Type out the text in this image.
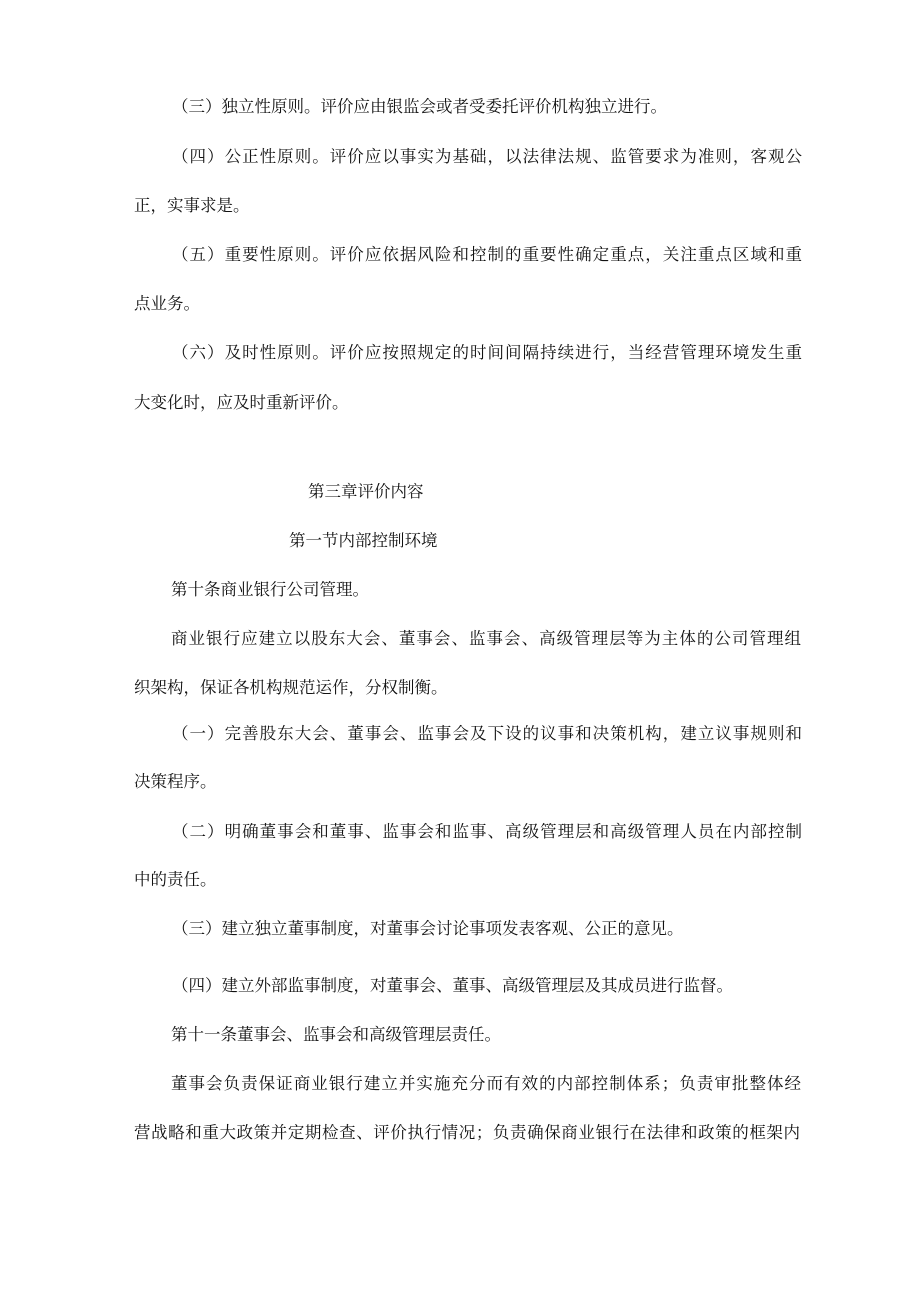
（三）独立性原则。评价应由银监会或者受委托评价机构独立进行。
（四）公正性原则。评价应以事实为基础，以法律法规、监管要求为准则，客观公
正，实事求是。
（五）重要性原则。评价应依据风险和控制的重要性确定重点，关注重点区域和重
点业务。
（六）及时性原则。评价应按照规定的时间间隔持续进行，当经营管理环境发生重
大变化时，应及时重新评价。
第三章评价内容
第一节内部控制环境
第十条商业银行公司管理。
商业银行应建立以股东大会、董事会、监事会、高级管理层等为主体的公司管理组
织架构，保证各机构规范运作，分权制衡。
（一）完善股东大会、董事会、监事会及下设的议事和决策机构，建立议事规则和
决策程序。
（二）明确董事会和董事、监事会和监事、高级管理层和高级管理人员在内部控制
中的责任。
（三）建立独立董事制度，对董事会讨论事项发表客观、公正的意见。
（四）建立外部监事制度，对董事会、董事、高级管理层及其成员进行监督。
第十一条董事会、监事会和高级管理层责任。
董事会负责保证商业银行建立并实施充分而有效的内部控制体系；负责审批整体经
营战略和重大政策并定期检查、评价执行情况；负责确保商业银行在法律和政策的框架内
